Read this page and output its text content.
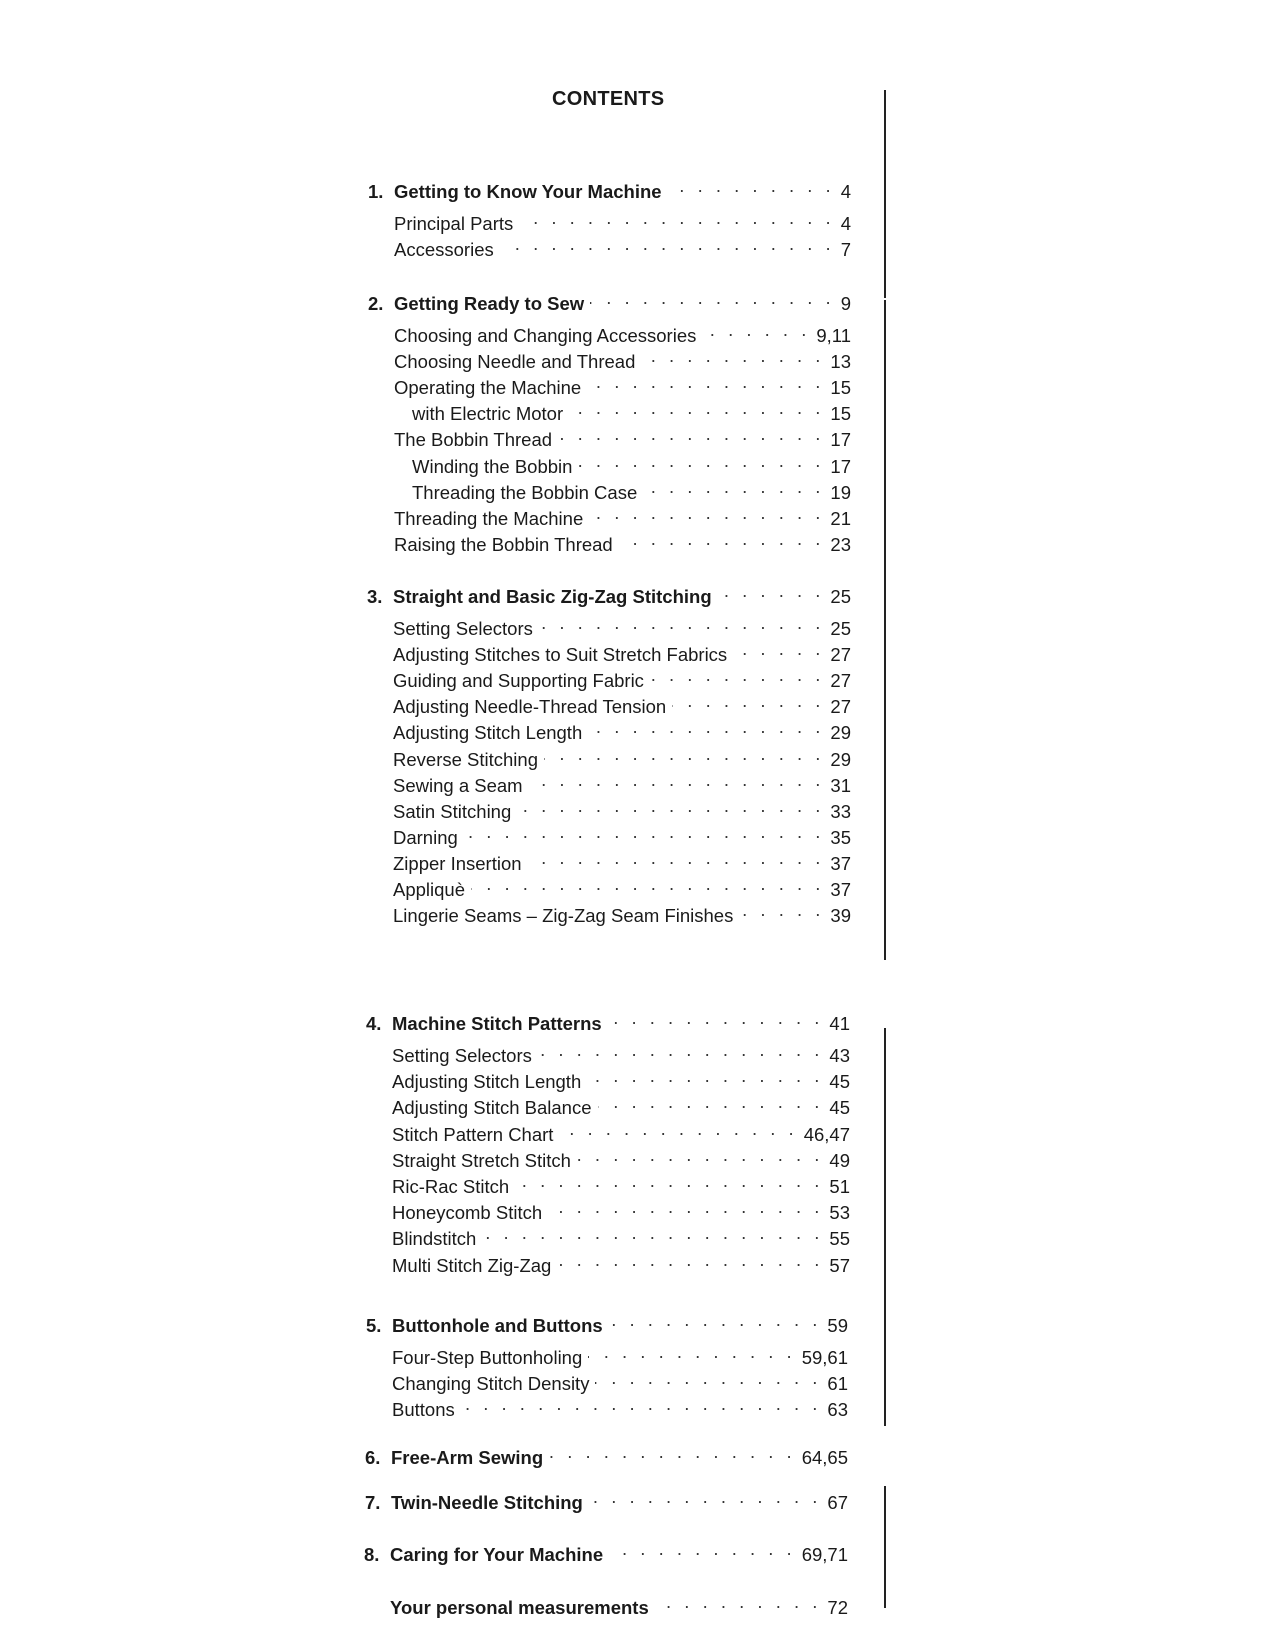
CONTENTS
1. Getting to Know Your Machine . . .	4
Principal Parts . . .	4
Accessories . . .	7
2. Getting Ready to Sew . . .	9
Choosing and Changing Accessories . . .	9,11
Choosing Needle and Thread . . .	13
Operating the Machine . . .	15
with Electric Motor . . .	15
The Bobbin Thread . . .	17
Winding the Bobbin . . .	17
Threading the Bobbin Case . . .	19
Threading the Machine . . .	21
Raising the Bobbin Thread . . .	23
3. Straight and Basic Zig-Zag Stitching . . .	25
Setting Selectors . . .	25
Adjusting Stitches to Suit Stretch Fabrics . . .	27
Guiding and Supporting Fabric . . .	27
Adjusting Needle-Thread Tension . . .	27
Adjusting Stitch Length . . .	29
Reverse Stitching . . .	29
Sewing a Seam . . .	31
Satin Stitching . . .	33
Darning . . .	35
Zipper Insertion . . .	37
Appliquè . . .	37
Lingerie Seams – Zig-Zag Seam Finishes . . .	39
4. Machine Stitch Patterns . . .	41
Setting Selectors . . .	43
Adjusting Stitch Length . . .	45
Adjusting Stitch Balance . . .	45
Stitch Pattern Chart . . .	46,47
Straight Stretch Stitch . . .	49
Ric-Rac Stitch . . .	51
Honeycomb Stitch . . .	53
Blindstitch . . .	55
Multi Stitch Zig-Zag . . .	57
5. Buttonhole and Buttons . . .	59
Four-Step Buttonholing . . .	59,61
Changing Stitch Density . . .	61
Buttons . . .	63
6. Free-Arm Sewing . . .	64,65
7. Twin-Needle Stitching . . .	67
8. Caring for Your Machine . . .	69,71
Your personal measurements . . .	72
